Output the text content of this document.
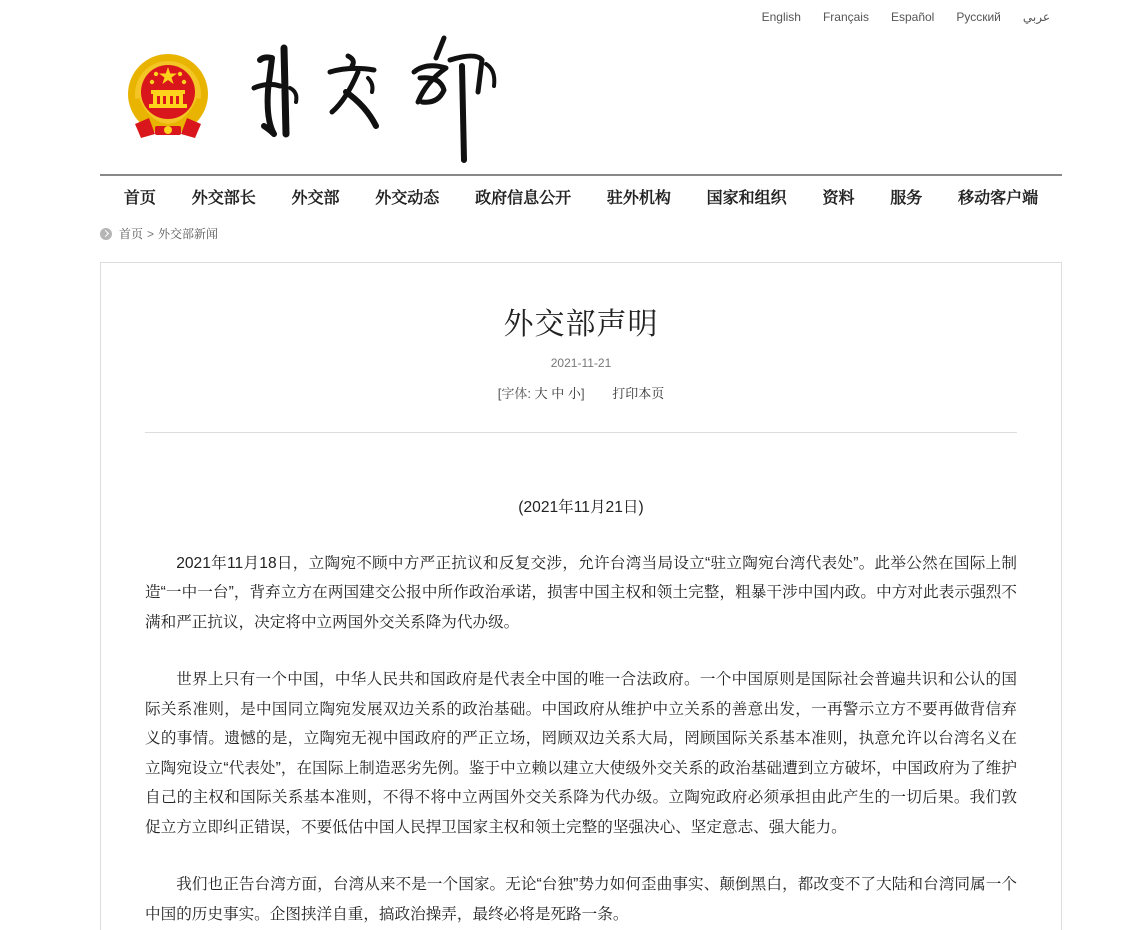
English Français Español Русский عربي
首页 外交部长 外交部 外交动态 政府信息公开 驻外机构 国家和组织 资料 服务 移动客户端
首页 > 外交部新闻
外交部声明
2021-11-21
[字体: 大 中 小] 打印本页

(2021年11月21日)

2021年11月18日，立陶宛不顾中方严正抗议和反复交涉，允许台湾当局设立“驻立陶宛台湾代表处”。此举公然在国际上制造“一中一台”，背弃立方在两国建交公报中所作政治承诺，损害中国主权和领土完整，粗暴干涉中国内政。中方对此表示强烈不满和严正抗议，决定将中立两国外交关系降为代办级。

世界上只有一个中国，中华人民共和国政府是代表全中国的唯一合法政府。一个中国原则是国际社会普遍共识和公认的国际关系准则，是中国同立陶宛发展双边关系的政治基础。中国政府从维护中立关系的善意出发，一再警示立方不要再做背信弃义的事情。遗憾的是，立陶宛无视中国政府的严正立场，罔顾双边关系大局，罔顾国际关系基本准则，执意允许以台湾名义在立陶宛设立“代表处”，在国际上制造恶劣先例。鉴于中立赖以建立大使级外交关系的政治基础遭到立方破坏，中国政府为了维护自己的主权和国际关系基本准则，不得不将中立两国外交关系降为代办级。立陶宛政府必须承担由此产生的一切后果。我们敦促立方立即纠正错误，不要低估中国人民捍卫国家主权和领土完整的坚强决心、坚定意志、强大能力。

我们也正告台湾方面，台湾从来不是一个国家。无论“台独”势力如何歪曲事实、颠倒黑白，都改变不了大陆和台湾同属一个中国的历史事实。企图挟洋自重，搞政治操弄，最终必将是死路一条。
